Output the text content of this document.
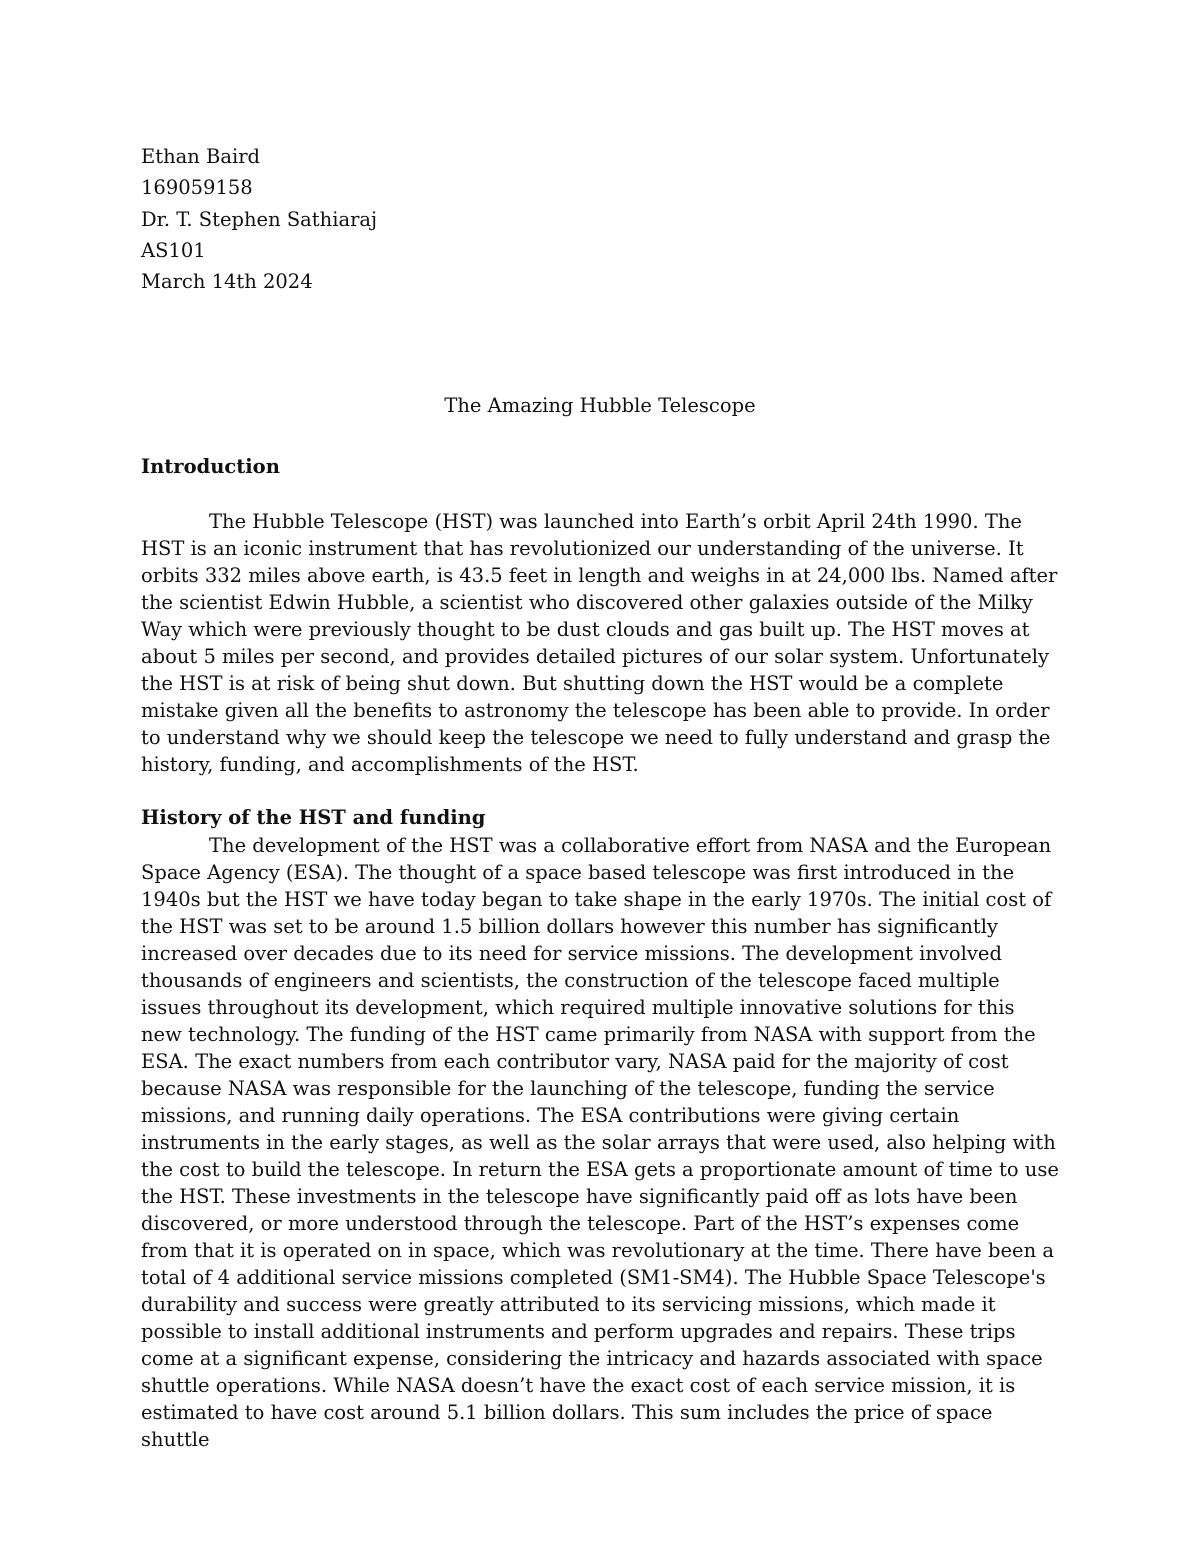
Ethan Baird
169059158
Dr. T. Stephen Sathiaraj
AS101
March 14th 2024
The Amazing Hubble Telescope
Introduction

The Hubble Telescope (HST) was launched into Earth’s orbit April 24th 1990. The HST is an iconic instrument that has revolutionized our understanding of the universe. It orbits 332 miles above earth, is 43.5 feet in length and weighs in at 24,000 lbs. Named after the scientist Edwin Hubble, a scientist who discovered other galaxies outside of the Milky Way which were previously thought to be dust clouds and gas built up. The HST moves at about 5 miles per second, and provides detailed pictures of our solar system. Unfortunately the HST is at risk of being shut down. But shutting down the HST would be a complete mistake given all the benefits to astronomy the telescope has been able to provide. In order to understand why we should keep the telescope we need to fully understand and grasp the history, funding, and accomplishments of the HST.

History of the HST and funding

The development of the HST was a collaborative effort from NASA and the European Space Agency (ESA). The thought of a space based telescope was first introduced in the 1940s but the HST we have today began to take shape in the early 1970s. The initial cost of the HST was set to be around 1.5 billion dollars however this number has significantly increased over decades due to its need for service missions. The development involved thousands of engineers and scientists, the construction of the telescope faced multiple issues throughout its development, which required multiple innovative solutions for this new technology. The funding of the HST came primarily from NASA with support from the ESA. The exact numbers from each contributor vary, NASA paid for the majority of cost because NASA was responsible for the launching of the telescope, funding the service missions, and running daily operations. The ESA contributions were giving certain instruments in the early stages, as well as the solar arrays that were used, also helping with the cost to build the telescope. In return the ESA gets a proportionate amount of time to use the HST. These investments in the telescope have significantly paid off as lots have been discovered, or more understood through the telescope. Part of the HST’s expenses come from that it is operated on in space, which was revolutionary at the time. There have been a total of 4 additional service missions completed (SM1-SM4). The Hubble Space Telescope's durability and success were greatly attributed to its servicing missions, which made it possible to install additional instruments and perform upgrades and repairs. These trips come at a significant expense, considering the intricacy and hazards associated with space shuttle operations. While NASA doesn’t have the exact cost of each service mission, it is estimated to have cost around 5.1 billion dollars. This sum includes the price of space shuttle
